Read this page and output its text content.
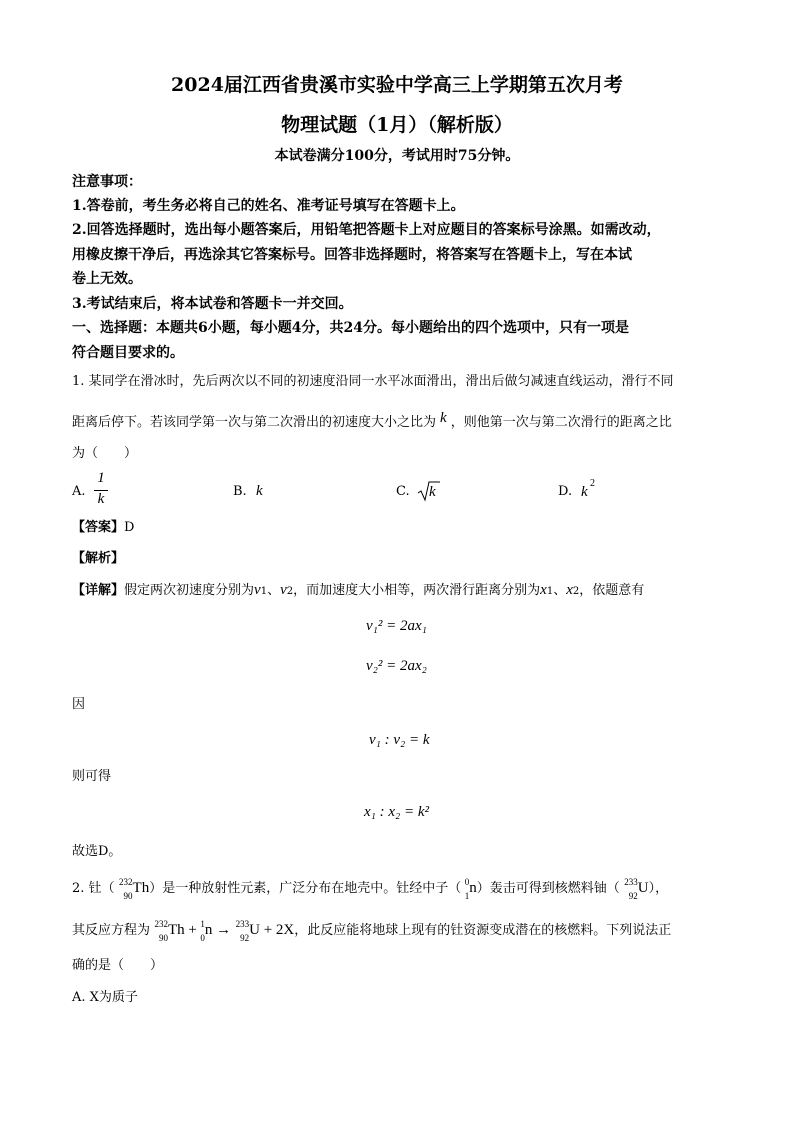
2024届江西省贵溪市实验中学高三上学期第五次月考
物理试题（1月）（解析版）
本试卷满分100分，考试用时75分钟。
注意事项：
1.答卷前，考生务必将自己的姓名、准考证号填写在答题卡上。
2.回答选择题时，选出每小题答案后，用铅笔把答题卡上对应题目的答案标号涂黑。如需改动，
用橡皮擦干净后，再选涂其它答案标号。回答非选择题时，将答案写在答题卡上，写在本试
卷上无效。
3.考试结束后，将本试卷和答题卡一并交回。
一、选择题：本题共6小题，每小题4分，共24分。每小题给出的四个选项中，只有一项是
符合题目要求的。
1. 某同学在滑冰时，先后两次以不同的初速度沿同一水平冰面滑出，滑出后做匀减速直线运动，滑行不同
距离后停下。若该同学第一次与第二次滑出的初速度大小之比为 k ，则他第一次与第二次滑行的距离之比
为（　　）
A.
1
k	B. k	C. k	D. k
2
【答案】D
【解析】
【详解】假定两次初速度分别为v1、v2，而加速度大小相等，两次滑行距离分别为x1、x2，依题意有
v₁² = 2ax₁
v₂² = 2ax₂
因
v₁ : v₂ = k
则可得
x₁ : x₂ = k²
故选D。
2. 钍（ 232
90 Th）是一种放射性元素，广泛分布在地壳中。钍经中子（ 0
1 n）轰击可得到核燃料铀（ 233
92 U），
其反应方程为 232
90 Th + 1
0 n → 233
92 U + 2X，此反应能将地球上现有的钍资源变成潜在的核燃料。下列说法正
确的是（　　）
A. X为质子
